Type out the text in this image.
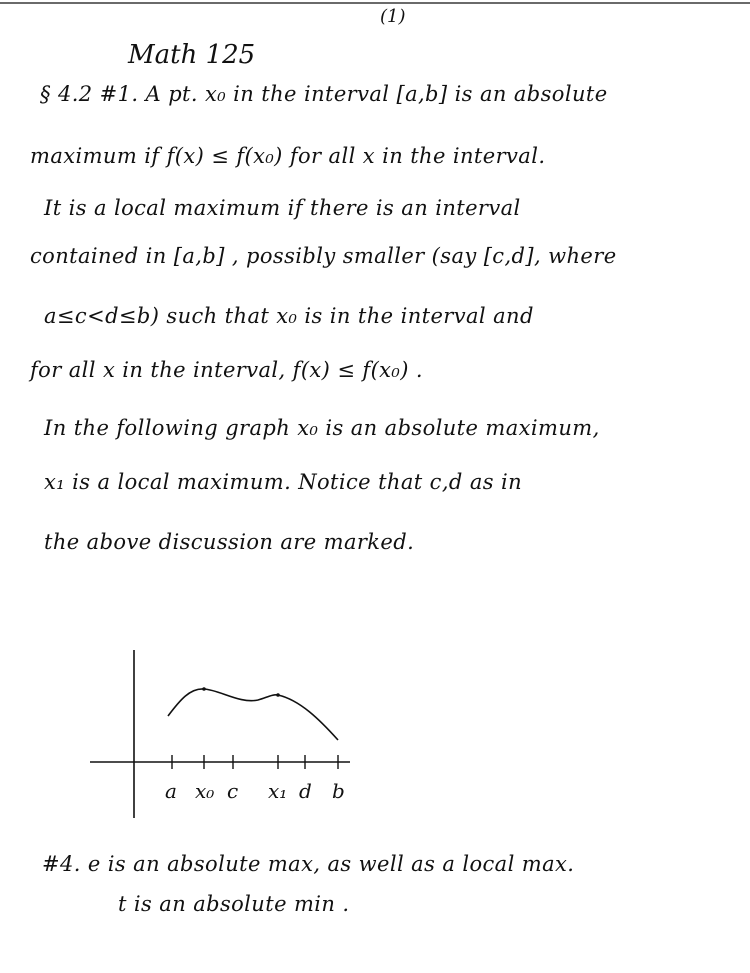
(1)
Math 125
§ 4.2 #1. A pt. x₀ in the interval [a,b] is an absolute
maximum if f(x) ≤ f(x₀) for all x in the interval.
It is a local maximum if there is an interval
contained in [a,b] , possibly smaller (say [c,d], where
a≤c<d≤b) such that x₀ is in the interval and
for all x in the interval, f(x) ≤ f(x₀) .
In the following graph x₀ is an absolute maximum,
x₁ is a local maximum. Notice that c,d as in
the above discussion are marked.
a x₀ c x₁ d b
#4. e is an absolute max, as well as a local max.
t is an absolute min .
